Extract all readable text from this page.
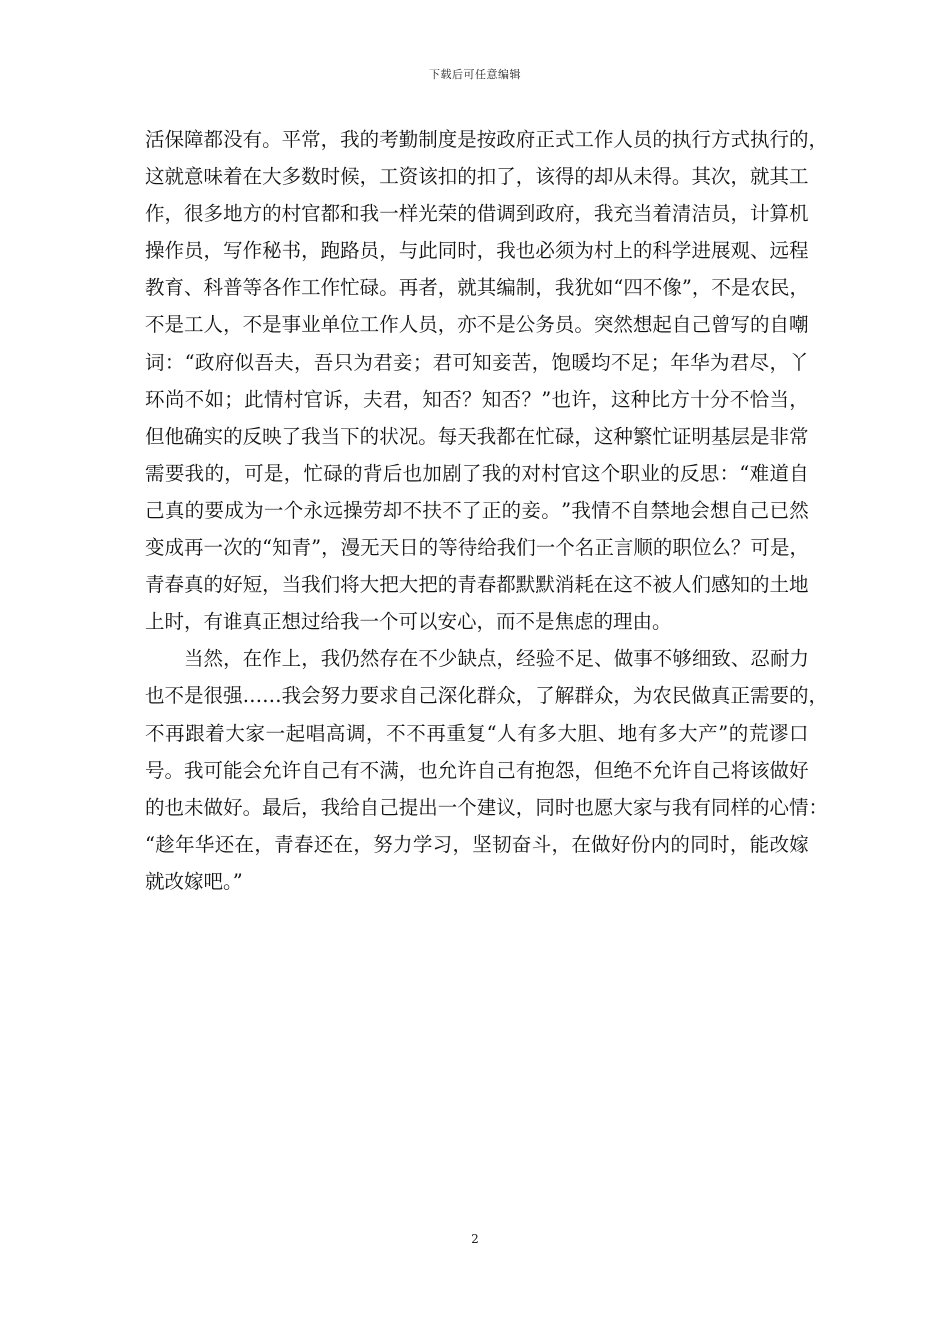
下载后可任意编辑
活 保 障 都 没 有 。 平 常 ， 我 的 考 勤 制 度 是 按 政 府 正 式 工 作 人 员 的 执 行 方 式 执 行 的 ，
这 就 意 味 着 在 大 多 数 时 候 ， 工 资 该 扣 的 扣 了 ， 该 得 的 却 从 未 得 。 其 次 ， 就 其 工
作 ， 很 多 地 方 的 村 官 都 和 我 一 样 光 荣 的 借 调 到 政 府 ， 我 充 当 着 清 洁 员 ， 计 算 机
操 作 员 ， 写 作 秘 书 ， 跑 路 员 ， 与 此 同 时 ， 我 也 必 须 为 村 上 的 科 学 进 展 观 、 远 程
教 育 、 科 普 等 各 作 工 作 忙 碌 。 再 者 ， 就 其 编 制 ， 我 犹 如 “ 四 不 像 ” ， 不 是 农 民 ，
不 是 工 人 ， 不 是 事 业 单 位 工 作 人 员 ， 亦 不 是 公 务 员 。 突 然 想 起 自 己 曾 写 的 自 嘲
词 ： “ 政 府 似 吾 夫 ， 吾 只 为 君 妾 ； 君 可 知 妾 苦 ， 饱 暖 均 不 足 ； 年 华 为 君 尽 ， 丫
环 尚 不 如 ； 此 情 村 官 诉 ， 夫 君 ， 知 否 ？ 知 否 ？ ” 也 许 ， 这 种 比 方 十 分 不 恰 当 ，
但 他 确 实 的 反 映 了 我 当 下 的 状 况 。 每 天 我 都 在 忙 碌 ， 这 种 繁 忙 证 明 基 层 是 非 常
需 要 我 的 ， 可 是 ， 忙 碌 的 背 后 也 加 剧 了 我 的 对 村 官 这 个 职 业 的 反 思 ： “ 难 道 自
己 真 的 要 成 为 一 个 永 远 操 劳 却 不 扶 不 了 正 的 妾 。 ” 我 情 不 自 禁 地 会 想 自 己 已 然
变 成 再 一 次 的 “ 知 青 ” ， 漫 无 天 日 的 等 待 给 我 们 一 个 名 正 言 顺 的 职 位 么 ？ 可 是 ，
青 春 真 的 好 短 ， 当 我 们 将 大 把 大 把 的 青 春 都 默 默 消 耗 在 这 不 被 人 们 感 知 的 土 地
上时，有谁真正想过给我一个可以安心，而不是焦虑的理由。
当 然 ， 在 作 上 ， 我 仍 然 存 在 不 少 缺 点 ， 经 验 不 足 、 做 事 不 够 细 致 、 忍 耐 力
也 不 是 很 强 … … 我 会 努 力 要 求 自 己 深 化 群 众 ， 了 解 群 众 ， 为 农 民 做 真 正 需 要 的 ，
不 再 跟 着 大 家 一 起 唱 高 调 ， 不 不 再 重 复 “ 人 有 多 大 胆 、 地 有 多 大 产 ” 的 荒 谬 口
号 。 我 可 能 会 允 许 自 己 有 不 满 ， 也 允 许 自 己 有 抱 怨 ， 但 绝 不 允 许 自 己 将 该 做 好
的 也 未 做 好 。 最 后 ， 我 给 自 己 提 出 一 个 建 议 ， 同 时 也 愿 大 家 与 我 有 同 样 的 心 情 ：
“ 趁 年 华 还 在 ， 青 春 还 在 ， 努 力 学 习 ， 坚 韧 奋 斗 ， 在 做 好 份 内 的 同 时 ， 能 改 嫁
就改嫁吧。”
2
